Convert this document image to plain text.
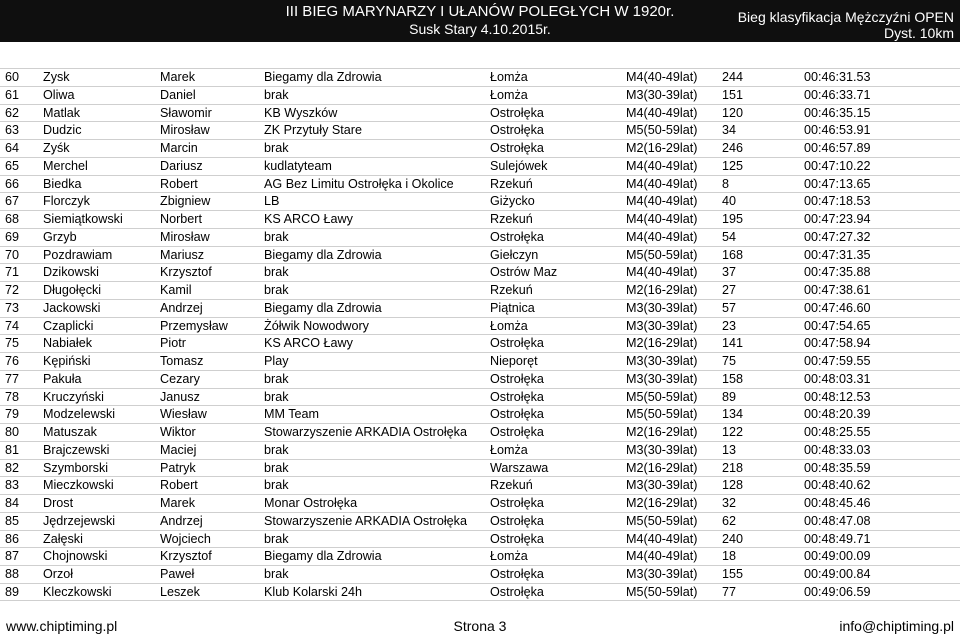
III BIEG MARYNARZY I UŁANÓW POLEGŁYCH W 1920r.
Susk Stary 4.10.2015r.
Bieg klasyfikacja Mężczyźni OPEN
Dyst. 10km
60 Zysk	Marek	Biegamy dla Zdrowia	Łomża	M4(40-49lat) 244	00:46:31.53
61 Oliwa	Daniel	brak	Łomża	M3(30-39lat) 151	00:46:33.71
62 Matlak	Sławomir	KB Wyszków	Ostrołęka	M4(40-49lat) 120	00:46:35.15
63 Dudzic	Mirosław	ZK Przytuły Stare	Ostrołęka	M5(50-59lat) 34	00:46:53.91
64 Zyśk	Marcin	brak	Ostrołęka	M2(16-29lat) 246	00:46:57.89
65 Merchel	Dariusz	kudlatyteam	Sulejówek	M4(40-49lat) 125	00:47:10.22
66 Biedka	Robert	AG Bez Limitu Ostrołęka i Okolice	Rzekuń	M4(40-49lat) 8	00:47:13.65
67 Florczyk	Zbigniew	LB	Giżycko	M4(40-49lat) 40	00:47:18.53
68 Siemiątkowski	Norbert	KS ARCO Ławy	Rzekuń	M4(40-49lat) 195	00:47:23.94
69 Grzyb	Mirosław	brak	Ostrołęka	M4(40-49lat) 54	00:47:27.32
70 Pozdrawiam	Mariusz	Biegamy dla Zdrowia	Giełczyn	M5(50-59lat) 168	00:47:31.35
71 Dzikowski	Krzysztof	brak	Ostrów Maz	M4(40-49lat) 37	00:47:35.88
72 Długołęcki	Kamil	brak	Rzekuń	M2(16-29lat) 27	00:47:38.61
73 Jackowski	Andrzej	Biegamy dla Zdrowia	Piątnica	M3(30-39lat) 57	00:47:46.60
74 Czaplicki	Przemysław	Żółwik Nowodwory	Łomża	M3(30-39lat) 23	00:47:54.65
75 Nabiałek	Piotr	KS ARCO Ławy	Ostrołęka	M2(16-29lat) 141	00:47:58.94
76 Kępiński	Tomasz	Play	Nieporęt	M3(30-39lat) 75	00:47:59.55
77 Pakuła	Cezary	brak	Ostrołęka	M3(30-39lat) 158	00:48:03.31
78 Kruczyński	Janusz	brak	Ostrołęka	M5(50-59lat) 89	00:48:12.53
79 Modzelewski	Wiesław	MM Team	Ostrołęka	M5(50-59lat) 134	00:48:20.39
80 Matuszak	Wiktor	Stowarzyszenie ARKADIA Ostrołęka Ostrołęka	M2(16-29lat) 122	00:48:25.55
81 Brajczewski	Maciej	brak	Łomża	M3(30-39lat) 13	00:48:33.03
82 Szymborski	Patryk	brak	Warszawa	M2(16-29lat) 218	00:48:35.59
83 Mieczkowski	Robert	brak	Rzekuń	M3(30-39lat) 128	00:48:40.62
84 Drost	Marek	Monar Ostrołęka	Ostrołęka	M2(16-29lat) 32	00:48:45.46
85 Jędrzejewski	Andrzej	Stowarzyszenie ARKADIA Ostrołęka Ostrołęka	M5(50-59lat) 62	00:48:47.08
86 Załęski	Wojciech	brak	Ostrołęka	M4(40-49lat) 240	00:48:49.71
87 Chojnowski	Krzysztof	Biegamy dla Zdrowia	Łomża	M4(40-49lat) 18	00:49:00.09
88 Orzoł	Paweł	brak	Ostrołęka	M3(30-39lat) 155	00:49:00.84
89 Kleczkowski	Leszek	Klub Kolarski 24h	Ostrołęka	M5(50-59lat) 77	00:49:06.59
www.chiptiming.pl	Strona 3	info@chiptiming.pl
